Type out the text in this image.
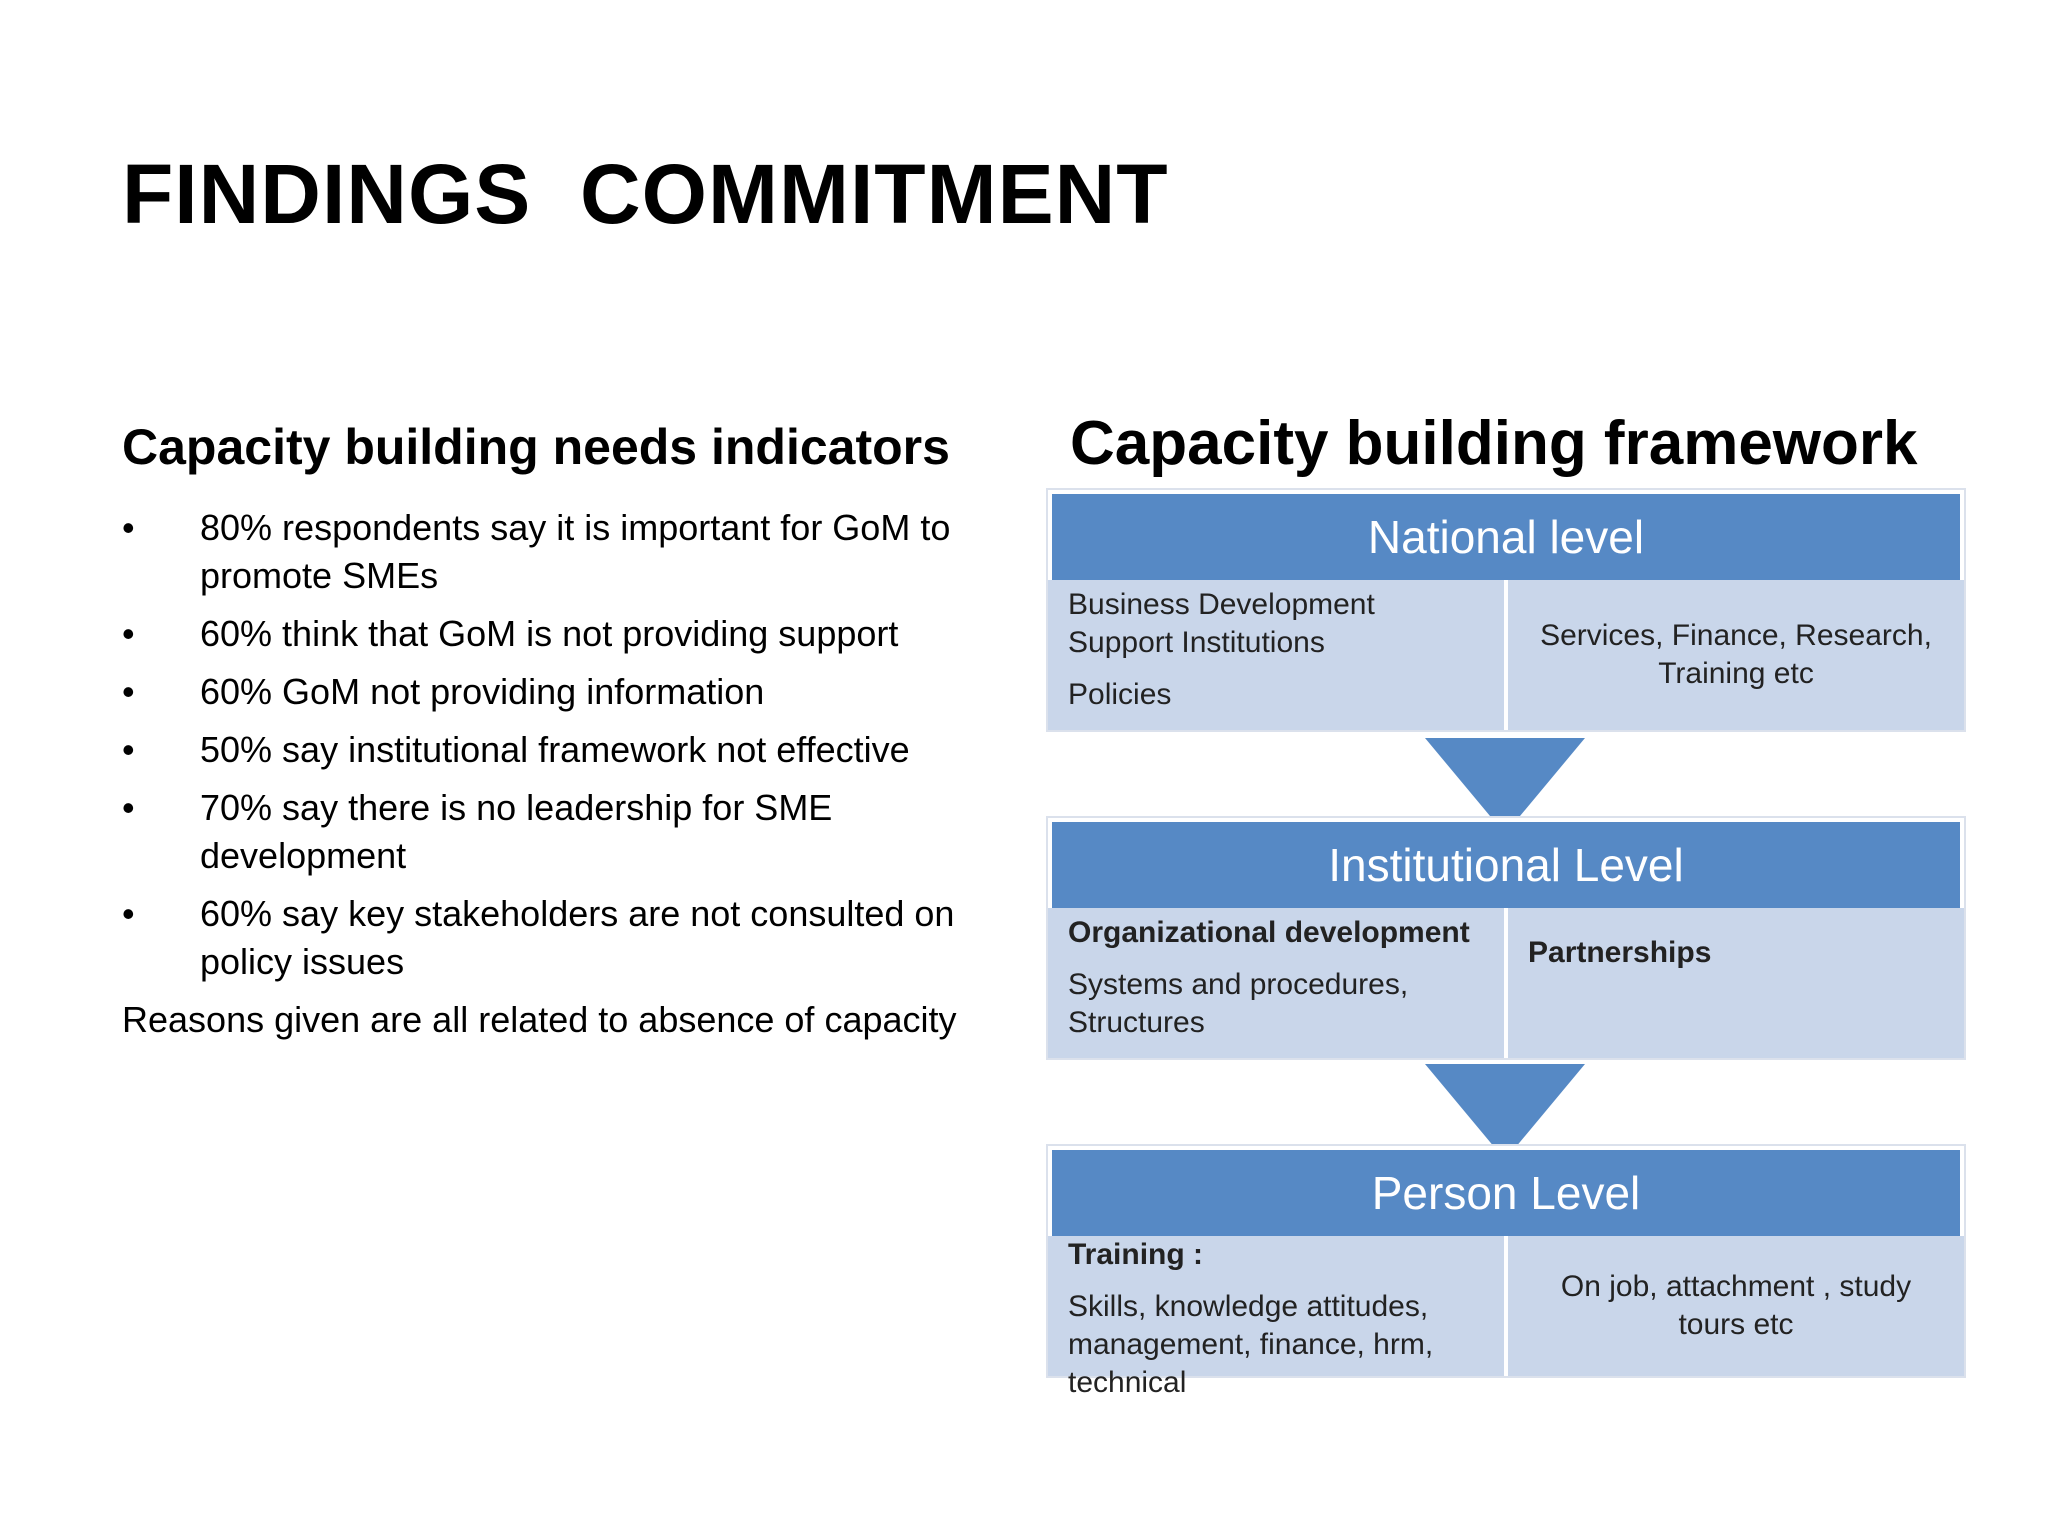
FINDINGS  COMMITMENT
Capacity building needs indicators
• 80% respondents say it is important for GoM to promote SMEs
• 60% think that GoM is not providing support
• 60% GoM not providing information
• 50% say institutional framework not effective
• 70% say there is no leadership for SME development
• 60% say key stakeholders are not consulted on policy issues

Reasons given are all related to absence of capacity

Capacity building framework
National level
Business Development
Support Institutions
Policies
Services, Finance, Research, Training etc
Institutional Level
Organizational development
Systems and procedures,
Structures
Partnerships
Person Level
Training :
Skills, knowledge attitudes,
management, finance, hrm,
technical
On job, attachment , study tours etc
